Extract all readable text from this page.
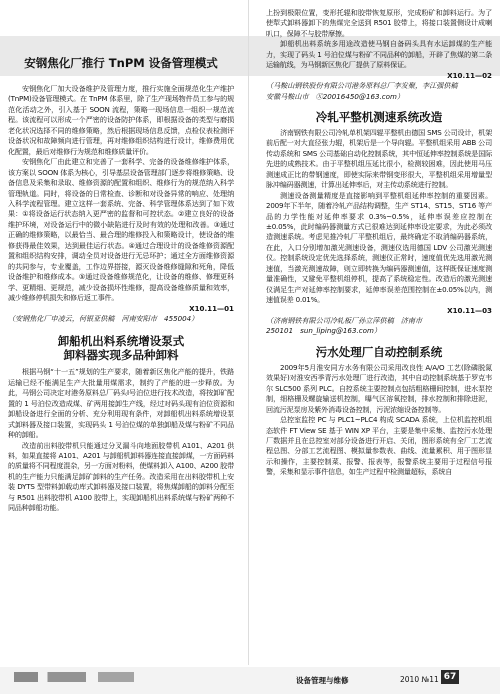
安钢焦化厂推行 TnPM 设备管理模式

安钢焦化厂加大设备维护及管理力度，推行实施全面规范化生产维护(TnPM)设备管理模式。在 TnPM 体系里，除了生产现场物件员工参与的规范化活动之外，引入基于 SOON 流程，策略一现场信息一组织一规范流程。该流程可以形成一个严密的设备防护体系，即根据设备的类型与磨损老化状况选择不同的维修策略，然后根据现场信息反馈，点检仪表检测评设备状况和故障频向进行管理，再对维修组织结构进行设计，维修费用优化配置，最后对维修行为规范和维修质量评价。

安钢焦化厂由此建立和完善了一套科学、完备的设备维修维护体系，该方案以 SOON 体系为核心，引导基层设备管理部门逐步将维修策略、设备信息及采集和录取、维修资源的配置和组织、维修行为的规范纳入科学管理轨道。同时，将设备的日常检查、诊断和对设备异常的响应、处理纳入科学流程管理。建立这样一套系统、完备、科学管理体系达到了如下效果：①将设备运行状态纳入更严密的监督和可控状态。②建立良好的设备维护环境，对设备运行中的微小缺陷进行及时有效的处理和改善。③通过正确的维修策略，以最恰当、最合理的维修投入和策略设计，使设备的维修获得最佳效果，达到最佳运行状态。④通过合理设计的设备维修资源配置和组织结构安排，调动全员对设备进行无忌环护；通过全方面维修资源的共同参与，专业覆盖，工作边界搭接，源灭设备维修缝隙和死角，降低设备维护和维修成本。⑤通过设备维修规范化，让设备的维修、修理更科学、更精细、更规范，减少设备损坏性维修，提高设备维修质量和效率，减少维修停机损失和修后返工事件。

X10.11—01

（安钢焦化厂申凌云，何银亚供稿　河南安阳市　455004）

卸船机出料系统增设泵式

卸料器实现多品种卸料

根据马钢“十一五”规划的生产要求，随着新区焦化产能的提升，铁路运输已经不能满足生产大批量用煤需求，制约了产能的进一步释放。为此，马钢公司决定对港务原料总厂码头Ⅰ号泊位进行技术改造，将按卸矿配置的 1 号泊位改造成煤、矿两用接卸生产线，经过对码头现有泊位资源和卸船设备进行全面的分析、充分利用现有条件，对卸船机出料系统增设泵式卸料器及接口装置，实现码头 1 号泊位煤的单独卸船及煤与粉矿不同品种的卸船。

改造前出料胶带机只能通过分叉漏斗向地面胶带机 A101、A201 供料，如果直接将 A101、A201 与卸船机卸料器连接直接卸煤，一方面码料的质量将不同程度混杂，另一方面对粉料，使煤料卸入 A100、A200 胶带机的生产能力只能满足卸矿卸料的生产任务。改造采用在出料胶带机上安装 DYTS 型带料卸载动库式卸料器及接口装置，将焦煤卸船的卸料分配至与 R501 出料胶带机 A100 胶带上，实现卸船机出料系统煤与粉矿两种不同品种卸船功能。

上扮到极限位置，变形托辊和胶带恢复原形，完成粉矿和卸料运行。为了使犁式卸料器卸下的焦煤完全送到 R501 胶带上，将接口装置侧设计成喇叭口，保障不与胶带摩擦。

卸船机出料系统多用途改造使马钢自备码头具有水运卸煤的生产能力，实现了码头 1 号泊位煤与粉矿不同品种的卸船，开辟了焦煤的第二条运输航线，为马钢新区焦化厂提供了原料保证。

X10.11—02

（马鞍山钢铁股份有限公司港务原料总厂李发聚，李江强供稿

安徽马鞍山市　Ⓧ20016450@163.com）

冷轧平整机测速系统改造

济南钢铁有限公司冷轧单机架四辊平整机由德国 SMS 公司设计，机架前后配一对大直径张力辊，机架后是一个导向辊。平整机组采用 ABB 公司传动系统和 SMS 公司基础自动化控制系统，其中恒延伸率控制系统是国际先进的成熟技术。由于平整机组压延比很小，检测较困难，因此使用马压测速成正比的带钢速度，即使实际来带钢变形很大，平整机组采用增量型脉冲编码器测速，计算出延伸率后，对主传动系统进行控制。

测速设备测量精度是直接影响到平整机组延伸率控制的重要因素。2009年下半年，随着冷轧产品结构调整，生产 ST14、ST15、ST16 等产品的力学性能对延伸率要求 0.3%~0.5%，延伸率误差应控制在±0.05%，此时编码器测量方式已很难达到延伸率设定要求，为此必须改造测速系统。考虑见推冷轧厂平整机组后，最终确定不取消编码器系统，在此，入口分别增加激光测速设备，测速仪选用德国 LDV 公司激光测速仪。控制系统设定优先选择系统，测速仪正常时，速度值优先选用激光测速值，当激光测速故障，则立即转换为编码器测速值，这样既保证速度测量准确性，又避免平整机组停机，提高了系统稳定性。改造后的激光测速仪满足生产对延伸率控制要求，延伸率误差范围控制在±0.05%以内，测速值误差 0.01%。

X10.11—03

（济南钢铁有限公司冷轧板厂孙立萍供稿　济南市

250101　sun_liping@163.com）

污水处理厂自动控制系统

2009年5月淮安同方水务有限公司采用改良性 A/A/O 工艺(除磷脱氮效果好)对淮安西季青污水处理厂进行改造，其中自动控制系统基于罗克韦尔 SLC500 系列 PLC。自控系统主要控制点包括粗格栅间控制，进水泵控制，细格栅及螺旋输送机控制，曝气区溶氧控制，排水控制和排除进泥，回流污泥泵房及紫外消毒设备控制，污泥浓缩设备控制等。

总控室监控 PC 与 PLC1~PLC4 构成 SCADA 系统，上位机监控机组态软件 FT View SE 基于 WIN XP 平台，主要是集中采集、监控污水处理厂数据并且在总控室对部分设备进行开启、关闭，图形系统有全厂工艺流程总图、分部工艺流程图、模拟量参数表、曲线、流量累积、用于图形显示和操作，主要控制菜、报警、报表等，报警系统主要用于过程信号报警，采集和显示事件信息，如生产过程中检测量超标，系统自

设备管理与维修	2010 №11 67
